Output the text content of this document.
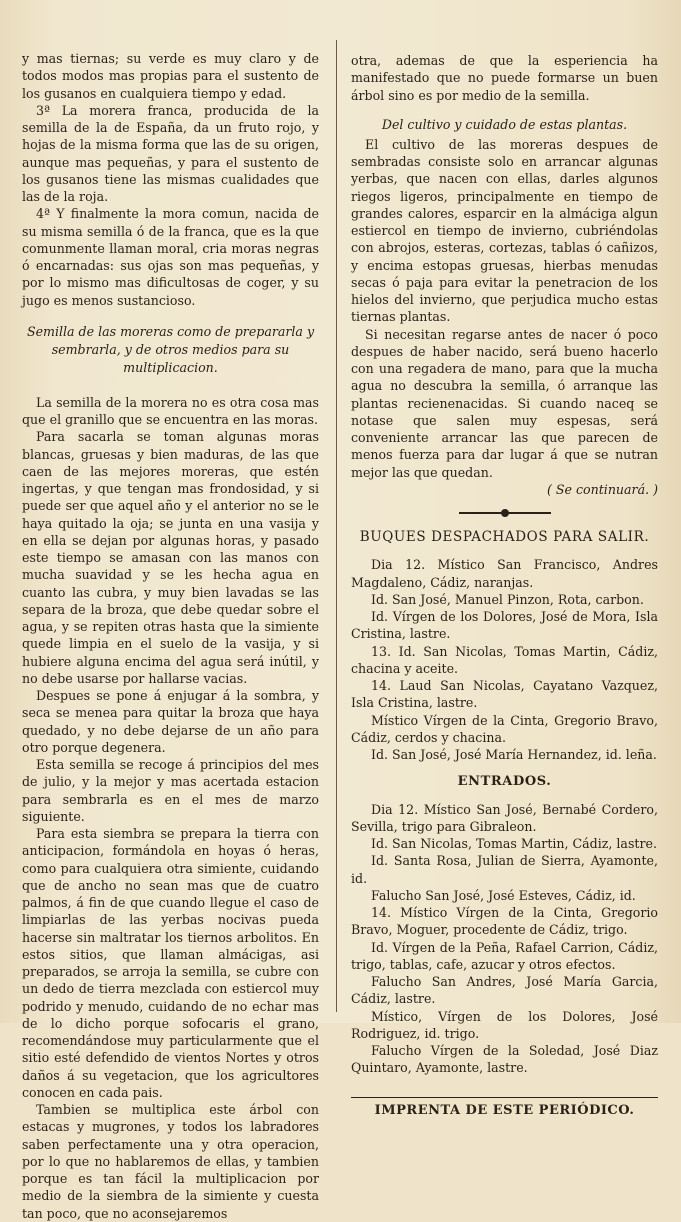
y mas tiernas; su verde es muy claro y de todos modos mas propias para el sustento de los gusanos en cualquiera tiempo y edad.

3ª La morera franca, producida de la semilla de la de España, da un fruto rojo, y hojas de la misma forma que las de su origen, aunque mas pequeñas, y para el sustento de los gusanos tiene las mismas cualidades que las de la roja.

4ª Y finalmente la mora comun, nacida de su misma semilla ó de la franca, que es la que comunmente llaman moral, cria moras negras ó encarnadas: sus ojas son mas pequeñas, y por lo mismo mas dificultosas de coger, y su jugo es menos sustancioso.

Semilla de las moreras como de prepararla y sembrarla, y de otros medios para su multiplicacion.

La semilla de la morera no es otra cosa mas que el granillo que se encuentra en las moras.

Para sacarla se toman algunas moras blancas, gruesas y bien maduras, de las que caen de las mejores moreras, que estén ingertas, y que tengan mas frondosidad, y si puede ser que aquel año y el anterior no se le haya quitado la oja; se junta en una vasija y en ella se dejan por algunas horas, y pasado este tiempo se amasan con las manos con mucha suavidad y se les hecha agua en cuanto las cubra, y muy bien lavadas se las separa de la broza, que debe quedar sobre el agua, y se repiten otras hasta que la simiente quede limpia en el suelo de la vasija, y si hubiere alguna encima del agua será inútil, y no debe usarse por hallarse vacias.

Despues se pone á enjugar á la sombra, y seca se menea para quitar la broza que haya quedado, y no debe dejarse de un año para otro porque degenera.

Esta semilla se recoge á principios del mes de julio, y la mejor y mas acertada estacion para sembrarla es en el mes de marzo siguiente.

Para esta siembra se prepara la tierra con anticipacion, formándola en hoyas ó heras, como para cualquiera otra simiente, cuidando que de ancho no sean mas que de cuatro palmos, á fin de que cuando llegue el caso de limpiarlas de las yerbas nocivas pueda hacerse sin maltratar los tiernos arbolitos. En estos sitios, que llaman almácigas, asi preparados, se arroja la semilla, se cubre con un dedo de tierra mezclada con estiercol muy podrido y menudo, cuidando de no echar mas de lo dicho porque sofocaris el grano, recomendándose muy particularmente que el sitio esté defendido de vientos Nortes y otros daños á su vegetacion, que los agricultores conocen en cada pais.

Tambien se multiplica este árbol con estacas y mugrones, y todos los labradores saben perfectamente una y otra operacion, por lo que no hablaremos de ellas, y tambien porque es tan fácil la multiplicacion por medio de la siembra de la simiente y cuesta tan poco, que no aconsejaremos

otra, ademas de que la esperiencia ha manifestado que no puede formarse un buen árbol sino es por medio de la semilla.

Del cultivo y cuidado de estas plantas.

El cultivo de las moreras despues de sembradas consiste solo en arrancar algunas yerbas, que nacen con ellas, darles algunos riegos ligeros, principalmente en tiempo de grandes calores, esparcir en la almáciga algun estiercol en tiempo de invierno, cubriéndolas con abrojos, esteras, cortezas, tablas ó cañizos, y encima estopas gruesas, hierbas menudas secas ó paja para evitar la penetracion de los hielos del invierno, que perjudica mucho estas tiernas plantas.

Si necesitan regarse antes de nacer ó poco despues de haber nacido, será bueno hacerlo con una regadera de mano, para que la mucha agua no descubra la semilla, ó arranque las plantas recienenacidas. Si cuando naceq se notase que salen muy espesas, será conveniente arrancar las que parecen de menos fuerza para dar lugar á que se nutran mejor las que quedan.

( Se continuará. )

BUQUES DESPACHADOS PARA SALIR.

Dia 12. Místico San Francisco, Andres Magdaleno, Cádiz, naranjas.

Id. San José, Manuel Pinzon, Rota, carbon.

Id. Vírgen de los Dolores, José de Mora, Isla Cristina, lastre.

13. Id. San Nicolas, Tomas Martin, Cádiz, chacina y aceite.

14. Laud San Nicolas, Cayatano Vazquez, Isla Cristina, lastre.

Místico Vírgen de la Cinta, Gregorio Bravo, Cádiz, cerdos y chacina.

Id. San José, José María Hernandez, id. leña.

ENTRADOS.

Dia 12. Místico San José, Bernabé Cordero, Sevilla, trigo para Gibraleon.

Id. San Nicolas, Tomas Martin, Cádiz, lastre.

Id. Santa Rosa, Julian de Sierra, Ayamonte, id.

Falucho San José, José Esteves, Cádiz, id.

14. Místico Vírgen de la Cinta, Gregorio Bravo, Moguer, procedente de Cádiz, trigo.

Id. Vírgen de la Peña, Rafael Carrion, Cádiz, trigo, tablas, cafe, azucar y otros efectos.

Falucho San Andres, José María Garcia, Cádiz, lastre.

Místico, Vírgen de los Dolores, José Rodriguez, id. trigo.

Falucho Vírgen de la Soledad, José Diaz Quintaro, Ayamonte, lastre.

IMPRENTA DE ESTE PERIÓDICO.
